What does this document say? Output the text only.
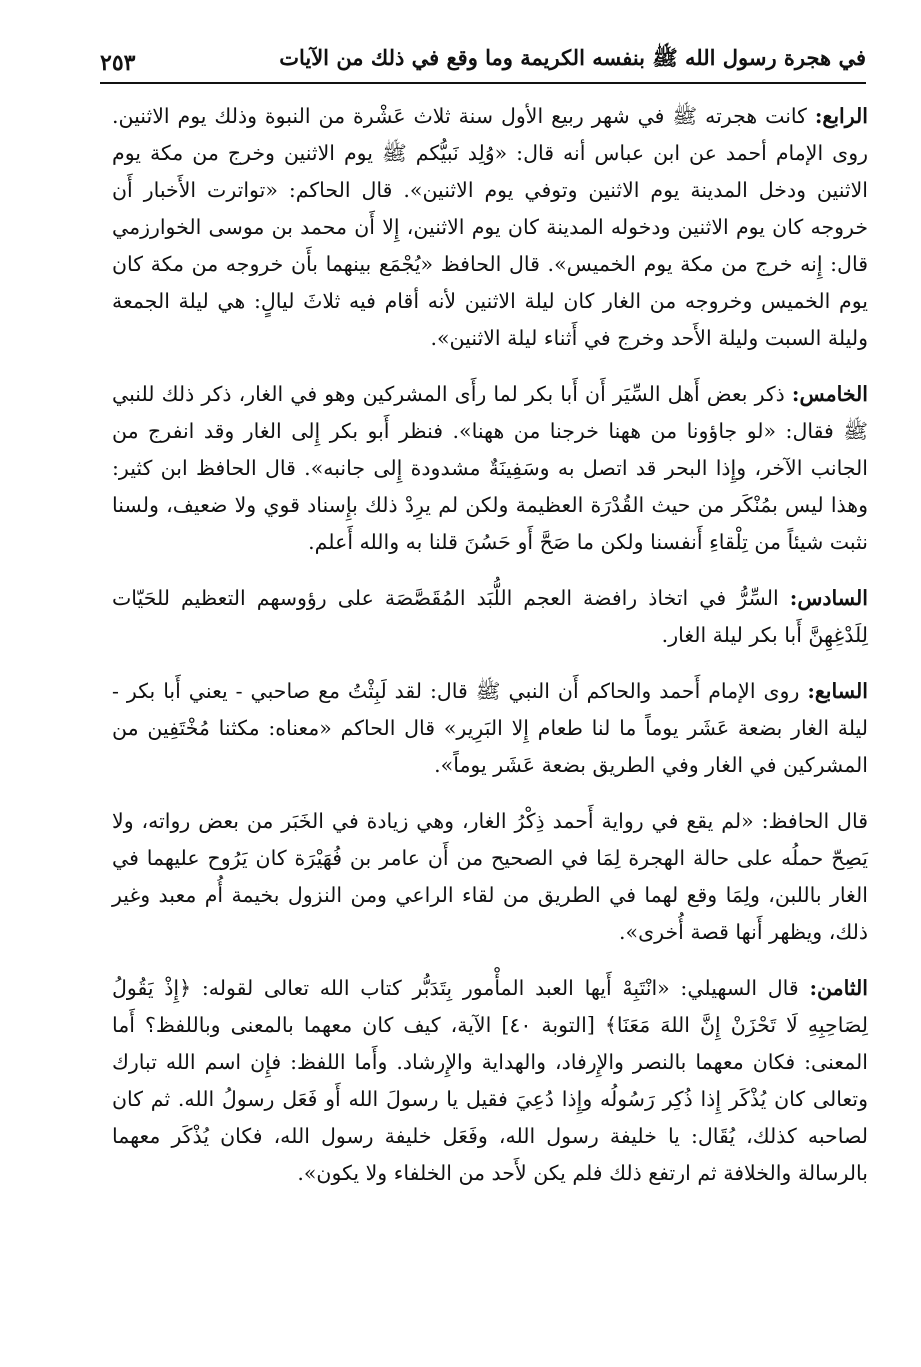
في هجرة رسول الله ﷺ بنفسه الكريمة وما وقع في ذلك من الآيات
٢٥٣

الرابع: كانت هجرته ﷺ في شهر ربيع الأول سنة ثلاث عَشْرة من النبوة وذلك يوم الاثنين. روى الإمام أحمد عن ابن عباس أنه قال: «وُلِد نَبيُّكم ﷺ يوم الاثنين وخرج من مكة يوم الاثنين ودخل المدينة يوم الاثنين وتوفي يوم الاثنين». قال الحاكم: «تواترت الأَخبار أَن خروجه كان يوم الاثنين ودخوله المدينة كان يوم الاثنين، إِلا أَن محمد بن موسى الخوارزمي قال: إِنه خرج من مكة يوم الخميس». قال الحافظ «يُجْمَع بينهما بأَن خروجه من مكة كان يوم الخميس وخروجه من الغار كان ليلة الاثنين لأنه أقام فيه ثلاثَ ليالٍ: هي ليلة الجمعة وليلة السبت وليلة الأَحد وخرج في أَثناء ليلة الاثنين».

الخامس: ذكر بعض أَهل السِّيَر أَن أَبا بكر لما رأَى المشركين وهو في الغار، ذكر ذلك للنبي ﷺ فقال: «لو جاؤونا من ههنا خرجنا من ههنا». فنظر أَبو بكر إِلى الغار وقد انفرج من الجانب الآخر، وإِذا البحر قد اتصل به وسَفِينَةٌ مشدودة إِلى جانبه». قال الحافظ ابن كثير: وهذا ليس بمُنْكَر من حيث القُدْرَة العظيمة ولكن لم يرِدْ ذلك بإِسناد قوي ولا ضعيف، ولسنا نثبت شيئاً من تِلْقاءِ أَنفسنا ولكن ما صَحَّ أَو حَسُنَ قلنا به والله أَعلم.

السادس: السِّرُّ في اتخاذ رافضة العجم اللُّبَد المُقَصَّصَة على رؤوسهم التعظيم للحَيّات لِلَدْغِهِنَّ أَبا بكر ليلة الغار.

السابع: روى الإمام أَحمد والحاكم أَن النبي ﷺ قال: لقد لَبِثْتُ مع صاحبي - يعني أَبا بكر - ليلة الغار بضعة عَشَر يوماً ما لنا طعام إِلا البَرِير» قال الحاكم «معناه: مكثنا مُخْتَفِين من المشركين في الغار وفي الطريق بضعة عَشَر يوماً».

قال الحافظ: «لم يقع في رواية أَحمد ذِكْرُ الغار، وهي زيادة في الخَبَر من بعض رواته، ولا يَصِحّ حملُه على حالة الهجرة لِمَا في الصحيح من أَن عامر بن فُهَيْرَة كان يَرُوح عليهما في الغار باللبن، ولِمَا وقع لهما في الطريق من لقاء الراعي ومن النزول بخيمة أُم معبد وغير ذلك، ويظهر أَنها قصة أُخرى».

الثامن: قال السهيلي: «انْتَبِهْ أَيها العبد المأْمور بِتَدَبُّر كتاب الله تعالى لقوله: ﴿إِذْ يَقُولُ لِصَاحِبِهِ لَا تَحْزَنْ إِنَّ اللهَ مَعَنَا﴾ [التوبة ٤٠] الآية، كيف كان معهما بالمعنى وباللفظ؟ أَما المعنى: فكان معهما بالنصر والإِرفاد، والهداية والإِرشاد. وأَما اللفظ: فإِن اسم الله تبارك وتعالى كان يُذْكَر إِذا ذُكِر رَسُولُه وإِذا دُعِيَ فقيل يا رسولَ الله أَو فَعَل رسولُ الله. ثم كان لصاحبه كذلك، يُقَال: يا خليفة رسول الله، وفَعَل خليفة رسول الله، فكان يُذْكَر معهما بالرسالة والخلافة ثم ارتفع ذلك فلم يكن لأَحد من الخلفاء ولا يكون».
